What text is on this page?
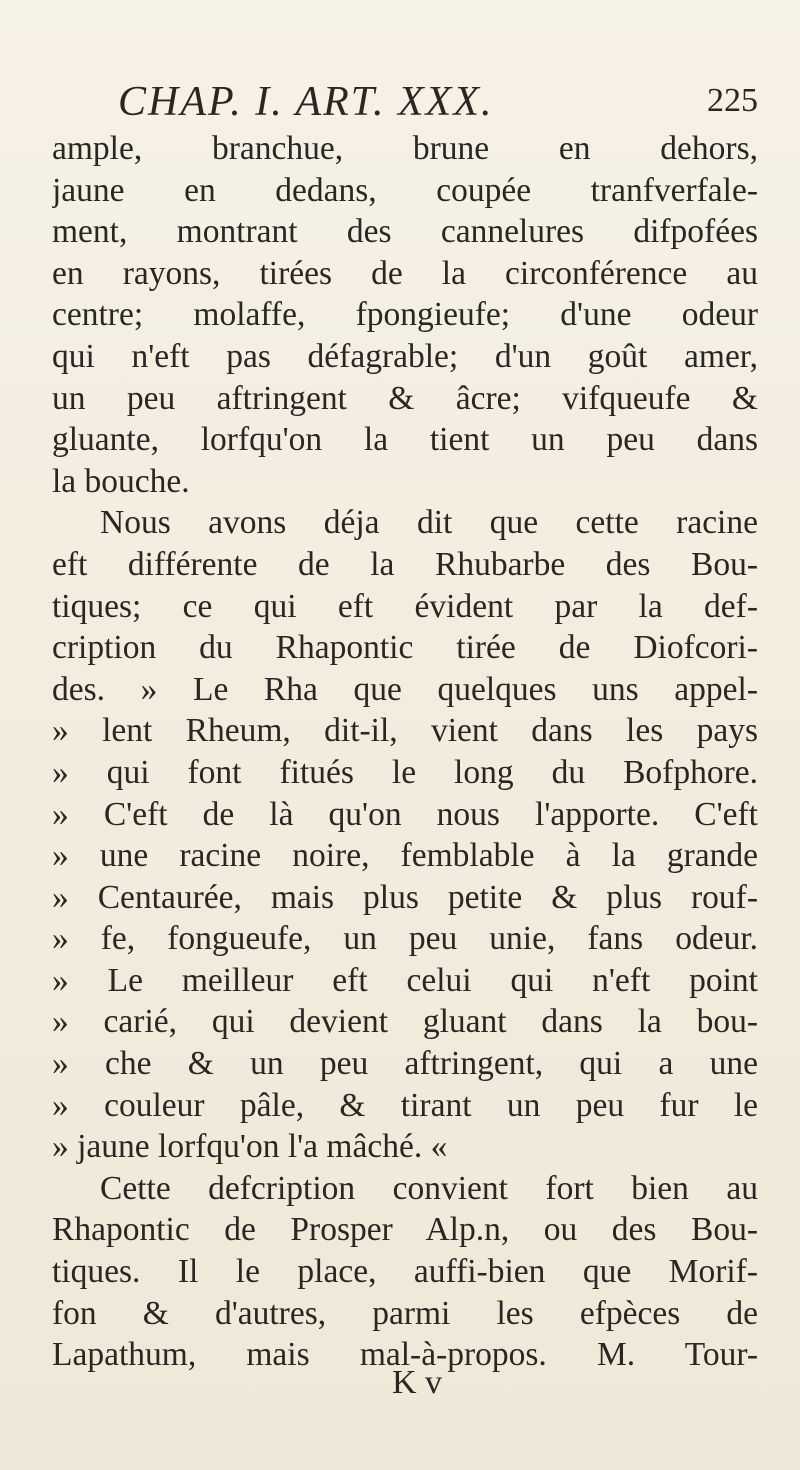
CHAP. I. ART. XXX.	225
ample, branchue, brune en dehors,
jaune en dedans, coupée tranfverfale-
ment, montrant des cannelures difpofées
en rayons, tirées de la circonférence au
centre; molaffe, fpongieufe; d'une odeur
qui n'eft pas défagrable; d'un goût amer,
un peu aftringent & âcre; vifqueufe &
gluante, lorfqu'on la tient un peu dans
la bouche.
Nous avons déja dit que cette racine
eft différente de la Rhubarbe des Bou-
tiques; ce qui eft évident par la def-
cription du Rhapontic tirée de Diofcori-
des. » Le Rha que quelques uns appel-
» lent Rheum, dit-il, vient dans les pays
» qui font fitués le long du Bofphore.
» C'eft de là qu'on nous l'apporte. C'eft
» une racine noire, femblable à la grande
» Centaurée, mais plus petite & plus rouf-
» fe, fongueufe, un peu unie, fans odeur.
» Le meilleur eft celui qui n'eft point
» carié, qui devient gluant dans la bou-
» che & un peu aftringent, qui a une
» couleur pâle, & tirant un peu fur le
» jaune lorfqu'on l'a mâché. «
Cette defcription convient fort bien au
Rhapontic de Prosper Alp.n, ou des Bou-
tiques. Il le place, auffi-bien que Morif-
fon & d'autres, parmi les efpèces de
Lapathum, mais mal-à-propos. M. Tour-
K v
